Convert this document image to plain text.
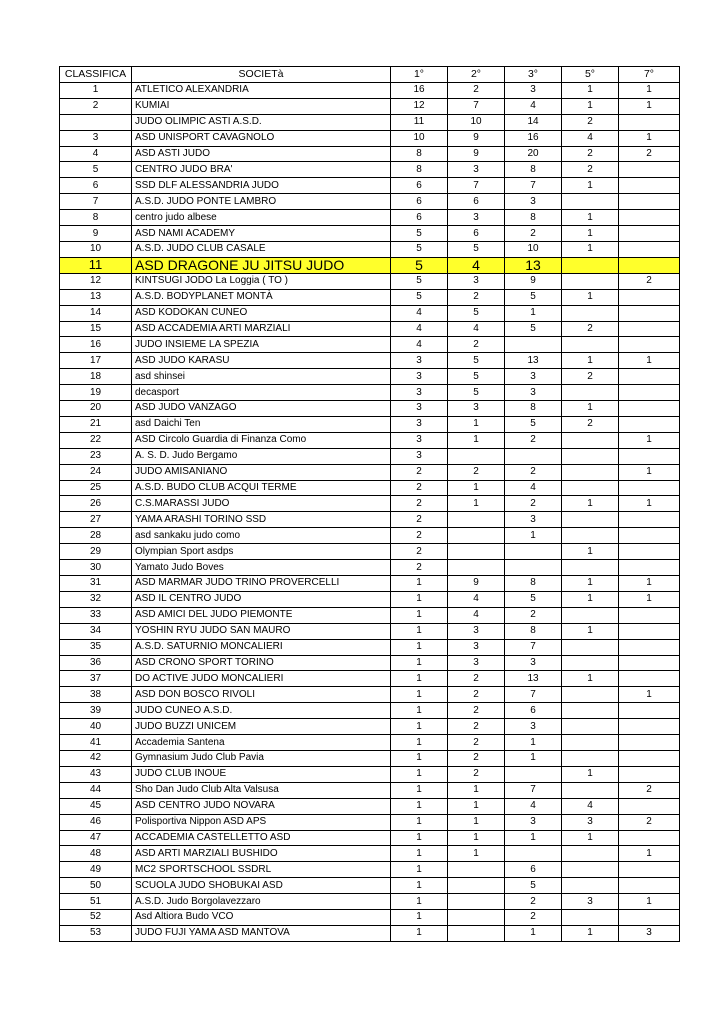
CLASSIFICA	SOCIETà	1°	2°	3°	5°	7°
1	ATLETICO ALEXANDRIA	16	2	3	1	1
2	KUMIAI	12	7	4	1	1
	JUDO OLIMPIC ASTI A.S.D.	11	10	14	2	
3	ASD UNISPORT CAVAGNOLO	10	9	16	4	1
4	ASD ASTI JUDO	8	9	20	2	2
5	CENTRO JUDO BRA'	8	3	8	2	
6	SSD DLF ALESSANDRIA JUDO	6	7	7	1	
7	A.S.D. JUDO PONTE LAMBRO	6	6	3		
8	centro judo albese	6	3	8	1	
9	ASD NAMI ACADEMY	5	6	2	1	
10	A.S.D. JUDO CLUB CASALE	5	5	10	1	
11	ASD DRAGONE JU JITSU JUDO	5	4	13		
12	KINTSUGI JODO La Loggia ( TO )	5	3	9		2
13	A.S.D. BODYPLANET MONTÀ	5	2	5	1	
14	ASD KODOKAN CUNEO	4	5	1		
15	ASD ACCADEMIA ARTI MARZIALI	4	4	5	2	
16	JUDO INSIEME LA SPEZIA	4	2			
17	ASD JUDO KARASU	3	5	13	1	1
18	asd shinsei	3	5	3	2	
19	decasport	3	5	3		
20	ASD JUDO VANZAGO	3	3	8	1	
21	asd Daichi Ten	3	1	5	2	
22	ASD Circolo Guardia di Finanza Como	3	1	2		1
23	A. S. D. Judo Bergamo	3				
24	JUDO AMISANIANO	2	2	2		1
25	A.S.D. BUDO CLUB ACQUI TERME	2	1	4		
26	C.S.MARASSI JUDO	2	1	2	1	1
27	YAMA ARASHI TORINO SSD	2		3		
28	asd sankaku judo como	2		1		
29	Olympian Sport asdps	2			1	
30	Yamato Judo Boves	2				
31	ASD MARMAR JUDO TRINO PROVERCELLI	1	9	8	1	1
32	ASD IL CENTRO JUDO	1	4	5	1	1
33	ASD AMICI DEL JUDO PIEMONTE	1	4	2		
34	YOSHIN RYU JUDO SAN MAURO	1	3	8	1	
35	A.S.D. SATURNIO MONCALIERI	1	3	7		
36	ASD CRONO SPORT TORINO	1	3	3		
37	DO ACTIVE JUDO MONCALIERI	1	2	13	1	
38	ASD DON BOSCO RIVOLI	1	2	7		1
39	JUDO CUNEO A.S.D.	1	2	6		
40	JUDO BUZZI UNICEM	1	2	3		
41	Accademia Santena	1	2	1		
42	Gymnasium Judo Club Pavia	1	2	1		
43	JUDO CLUB INOUE	1	2		1	
44	Sho Dan Judo Club Alta Valsusa	1	1	7		2
45	ASD CENTRO JUDO NOVARA	1	1	4	4	
46	Polisportiva Nippon ASD APS	1	1	3	3	2
47	ACCADEMIA CASTELLETTO ASD	1	1	1	1	
48	ASD ARTI MARZIALI BUSHIDO	1	1			1
49	MC2 SPORTSCHOOL SSDRL	1		6		
50	SCUOLA JUDO SHOBUKAI ASD	1		5		
51	A.S.D. Judo Borgolavezzaro	1		2	3	1
52	Asd Altiora Budo VCO	1		2		
53	JUDO FUJI YAMA ASD MANTOVA	1		1	1	3
